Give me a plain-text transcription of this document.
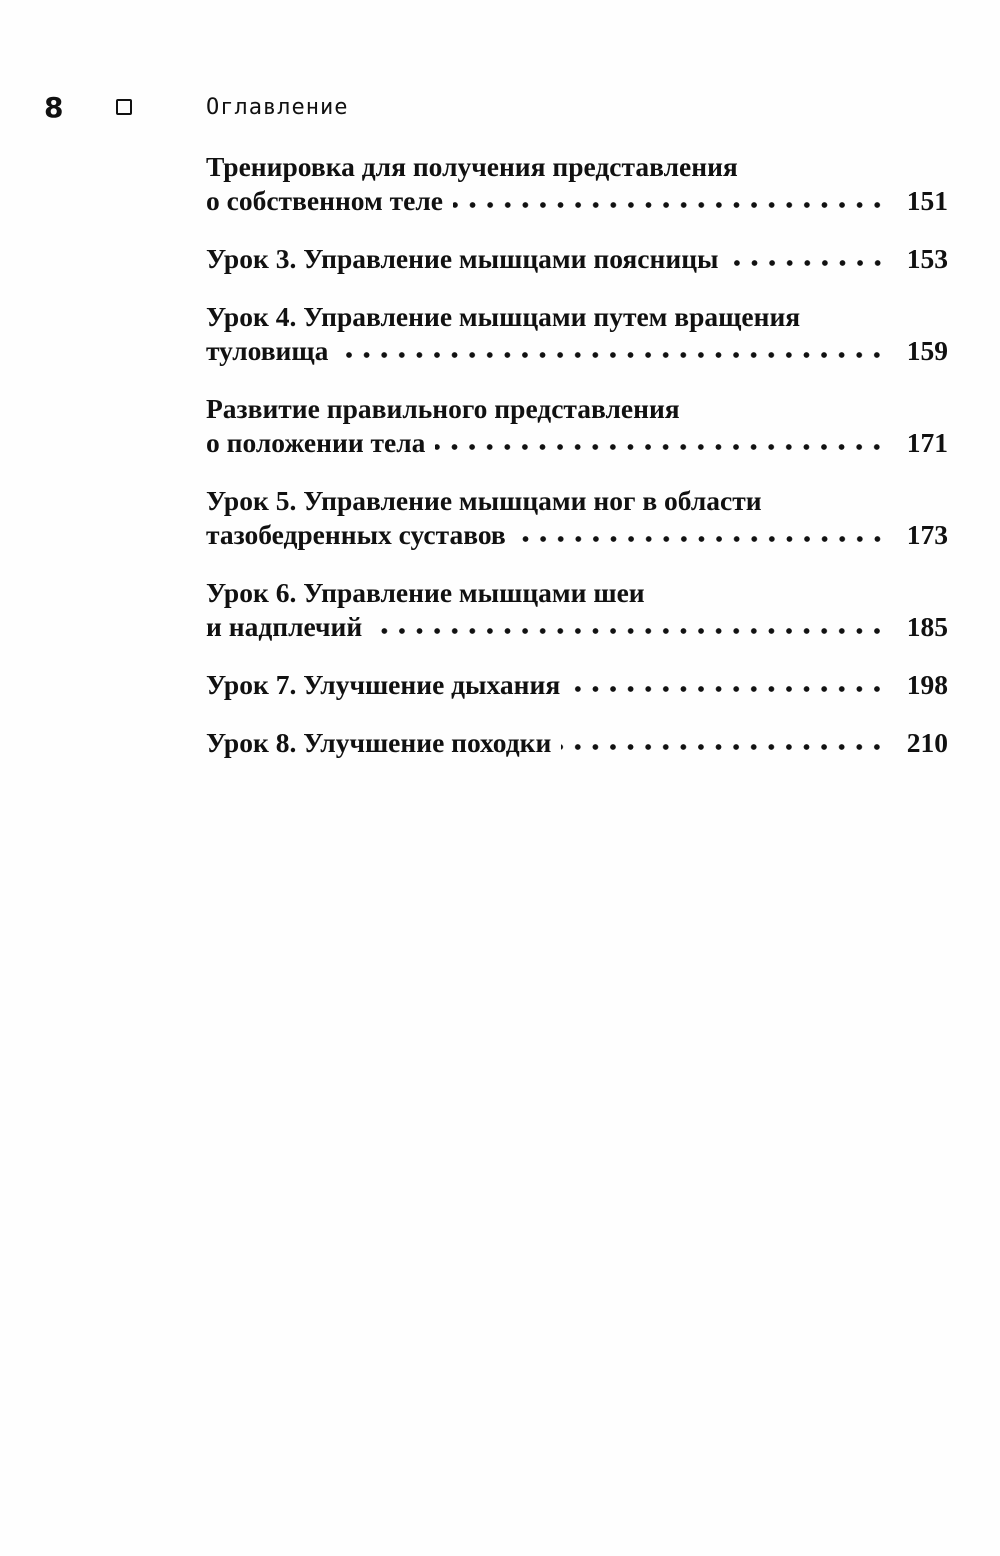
8	Оглавление
Тренировка для получения представления
о собственном теле	151
Урок 3. Управление мышцами поясницы	153
Урок 4. Управление мышцами путем вращения
туловища	159
Развитие правильного представления
о положении тела	171
Урок 5. Управление мышцами ног в области
тазобедренных суставов	173
Урок 6. Управление мышцами шеи
и надплечий	185
Урок 7. Улучшение дыхания	198
Урок 8. Улучшение походки	210
